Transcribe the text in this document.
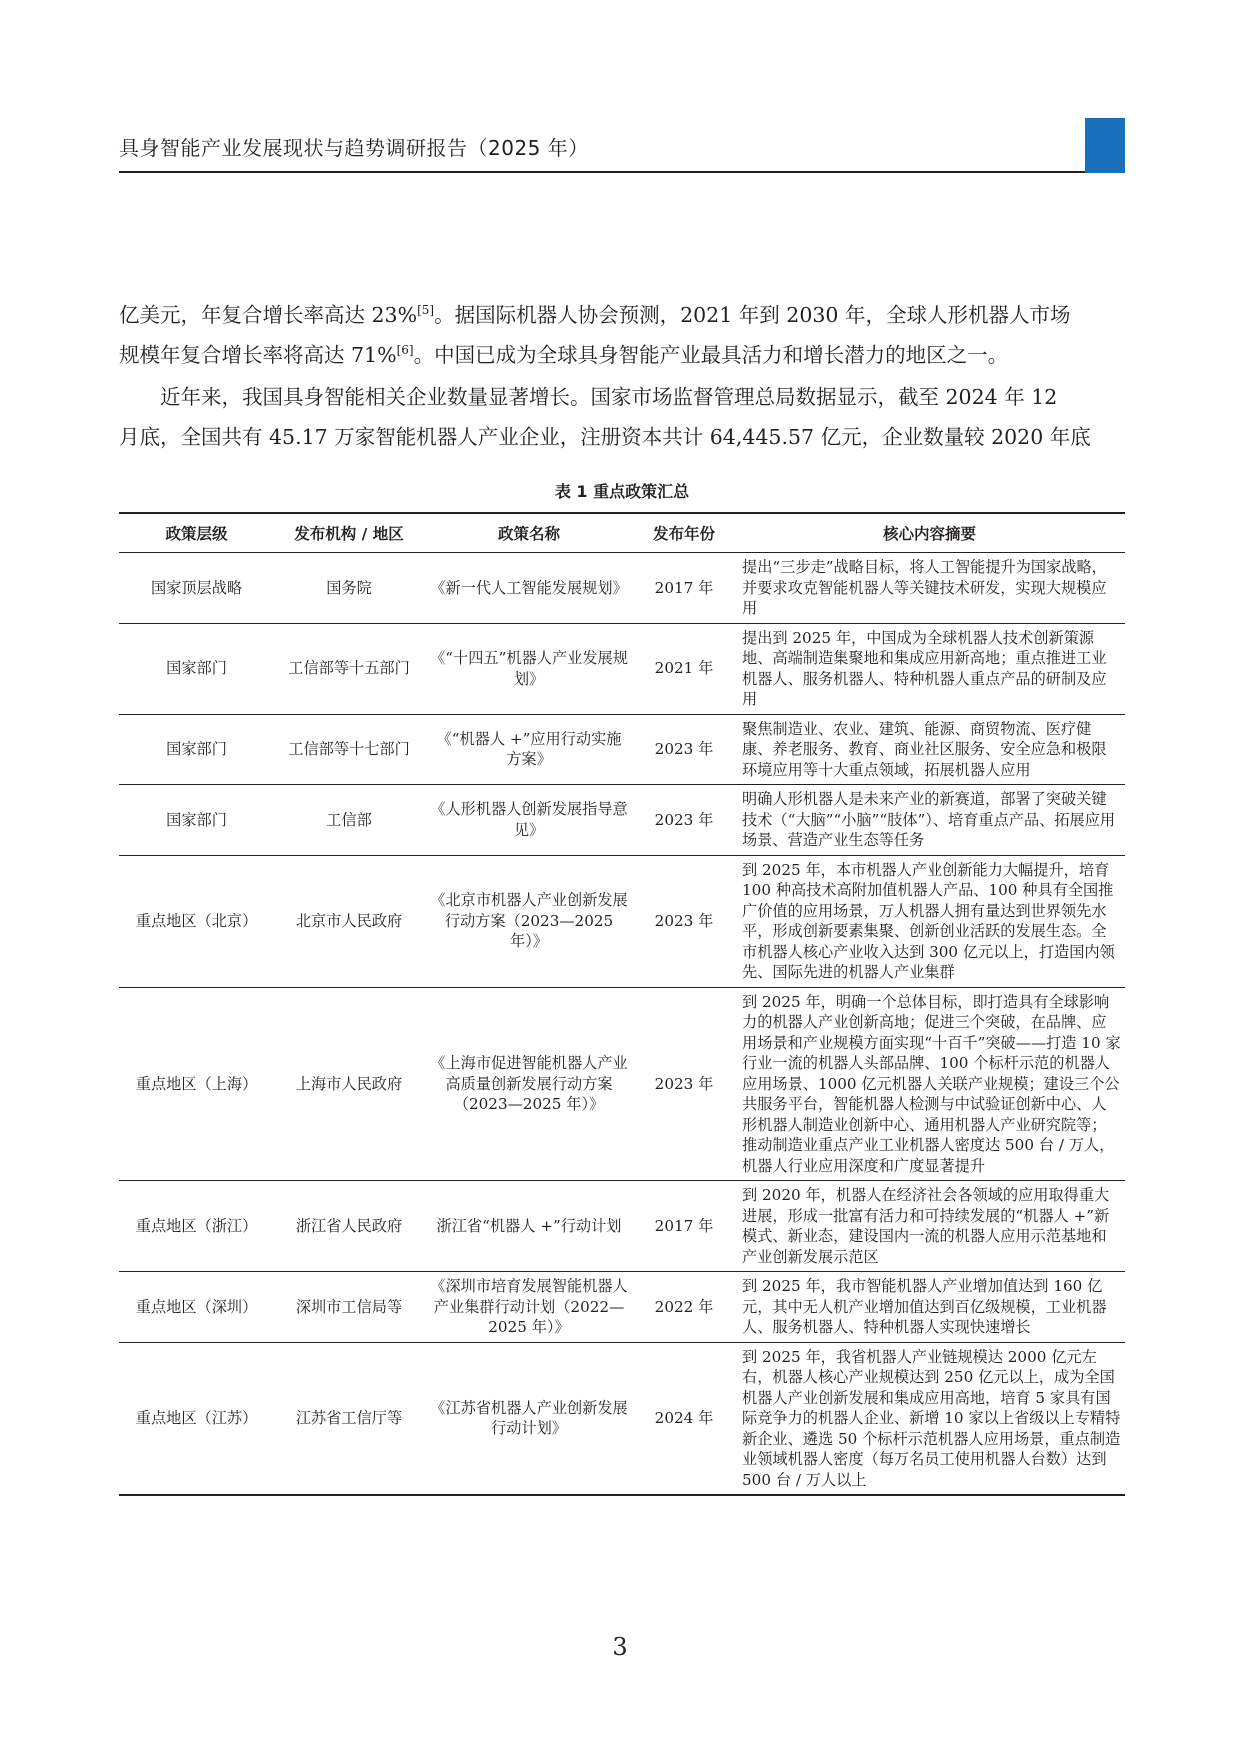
具身智能产业发展现状与趋势调研报告（2025 年）
亿美元，年复合增长率高达 23%[5]。据国际机器人协会预测，2021 年到 2030 年，全球人形机器人市场
规模年复合增长率将高达 71%[6]。中国已成为全球具身智能产业最具活力和增长潜力的地区之一。
近年来，我国具身智能相关企业数量显著增长。国家市场监督管理总局数据显示，截至 2024 年 12
月底，全国共有 45.17 万家智能机器人产业企业，注册资本共计 64,445.57 亿元，企业数量较 2020 年底
表 1 重点政策汇总
政策层级	发布机构 / 地区	政策名称	发布年份	核心内容摘要
国家顶层战略	国务院	《新一代人工智能发展规划》	2017 年	提出“三步走”战略目标，将人工智能提升为国家战略，并要求攻克智能机器人等关键技术研发，实现大规模应用
国家部门	工信部等十五部门	《“十四五”机器人产业发展规划》	2021 年	提出到 2025 年，中国成为全球机器人技术创新策源地、高端制造集聚地和集成应用新高地；重点推进工业机器人、服务机器人、特种机器人重点产品的研制及应用
国家部门	工信部等十七部门	《“机器人 +”应用行动实施方案》	2023 年	聚焦制造业、农业、建筑、能源、商贸物流、医疗健康、养老服务、教育、商业社区服务、安全应急和极限环境应用等十大重点领域，拓展机器人应用
国家部门	工信部	《人形机器人创新发展指导意见》	2023 年	明确人形机器人是未来产业的新赛道，部署了突破关键技术（“大脑”“小脑”“肢体”）、培育重点产品、拓展应用场景、营造产业生态等任务
重点地区（北京）	北京市人民政府	《北京市机器人产业创新发展行动方案（2023—2025 年）》	2023 年	到 2025 年，本市机器人产业创新能力大幅提升，培育 100 种高技术高附加值机器人产品、100 种具有全国推广价值的应用场景，万人机器人拥有量达到世界领先水平，形成创新要素集聚、创新创业活跃的发展生态。全市机器人核心产业收入达到 300 亿元以上，打造国内领先、国际先进的机器人产业集群
重点地区（上海）	上海市人民政府	《上海市促进智能机器人产业高质量创新发展行动方案（2023—2025 年）》	2023 年	到 2025 年，明确一个总体目标，即打造具有全球影响力的机器人产业创新高地；促进三个突破，在品牌、应用场景和产业规模方面实现“十百千”突破——打造 10 家行业一流的机器人头部品牌、100 个标杆示范的机器人应用场景、1000 亿元机器人关联产业规模；建设三个公共服务平台，智能机器人检测与中试验证创新中心、人形机器人制造业创新中心、通用机器人产业研究院等；推动制造业重点产业工业机器人密度达 500 台 / 万人，机器人行业应用深度和广度显著提升
重点地区（浙江）	浙江省人民政府	浙江省“机器人 +”行动计划	2017 年	到 2020 年，机器人在经济社会各领域的应用取得重大进展，形成一批富有活力和可持续发展的“机器人 +”新模式、新业态，建设国内一流的机器人应用示范基地和产业创新发展示范区
重点地区（深圳）	深圳市工信局等	《深圳市培育发展智能机器人产业集群行动计划（2022—2025 年）》	2022 年	到 2025 年，我市智能机器人产业增加值达到 160 亿元，其中无人机产业增加值达到百亿级规模，工业机器人、服务机器人、特种机器人实现快速增长
重点地区（江苏）	江苏省工信厅等	《江苏省机器人产业创新发展行动计划》	2024 年	到 2025 年，我省机器人产业链规模达 2000 亿元左右，机器人核心产业规模达到 250 亿元以上，成为全国机器人产业创新发展和集成应用高地，培育 5 家具有国际竞争力的机器人企业、新增 10 家以上省级以上专精特新企业、遴选 50 个标杆示范机器人应用场景，重点制造业领域机器人密度（每万名员工使用机器人台数）达到 500 台 / 万人以上
3
